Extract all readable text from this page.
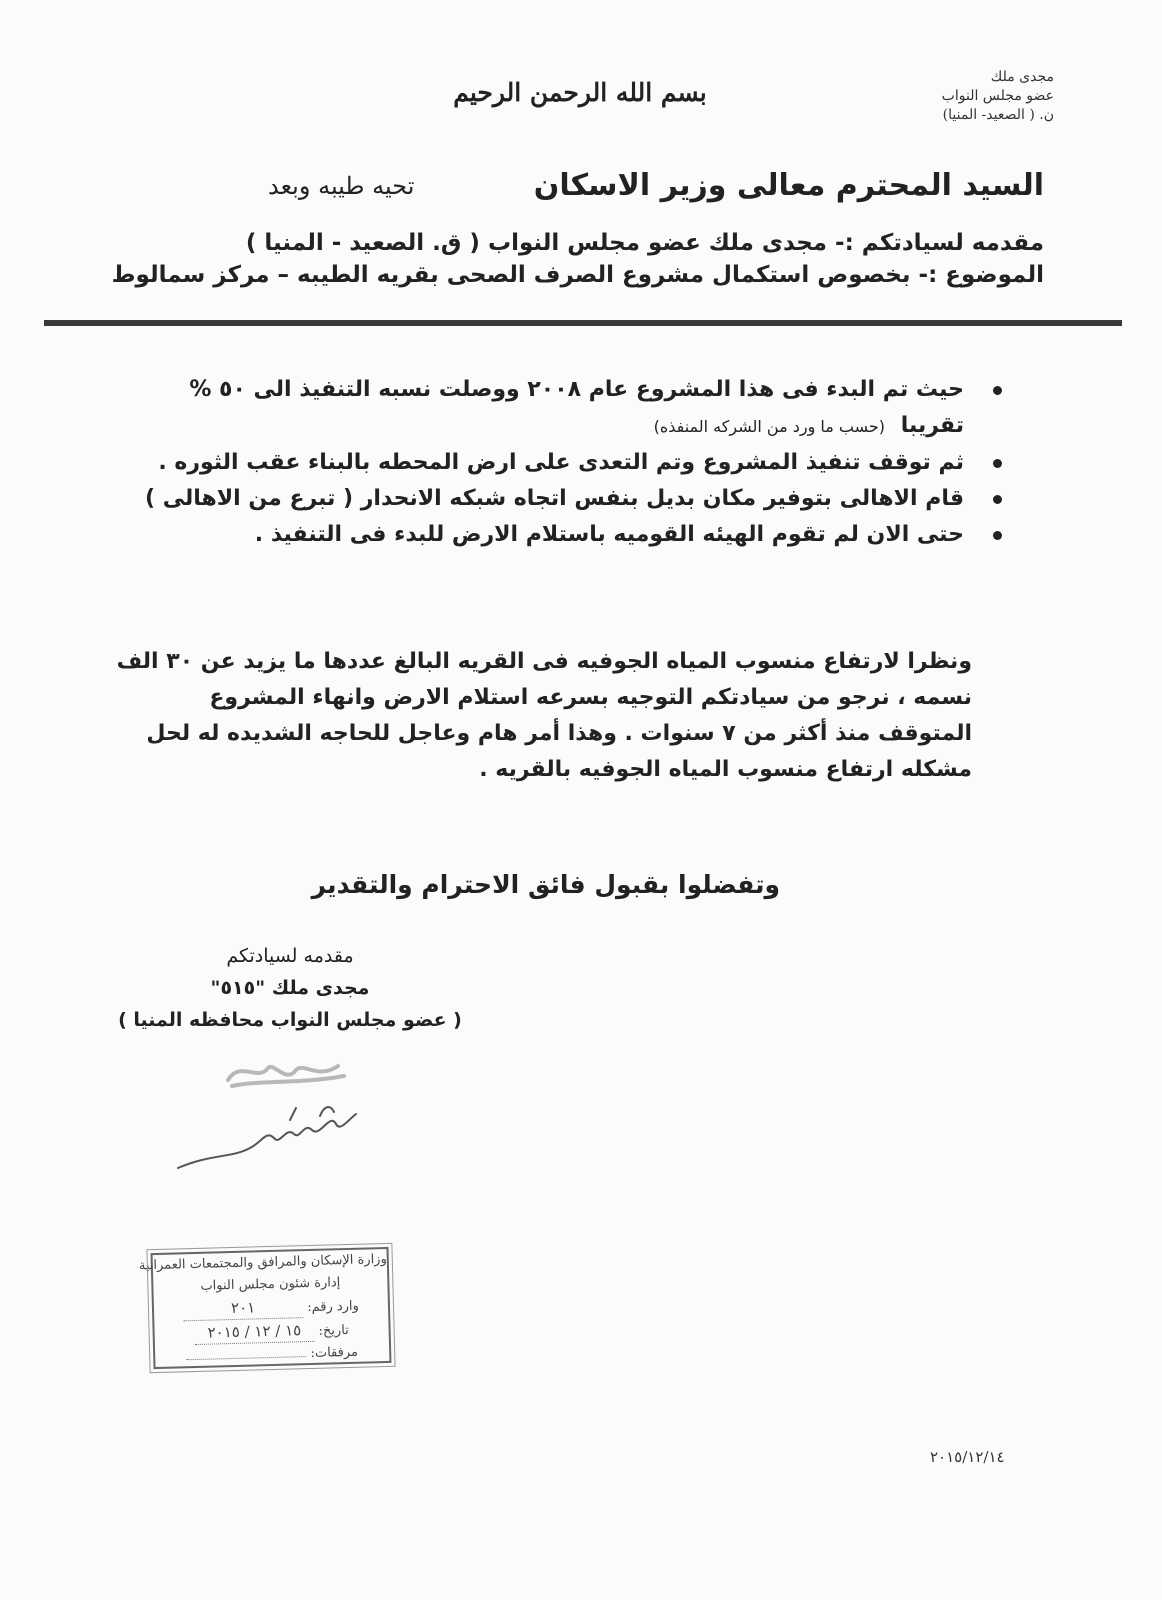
مجدى ملك
عضو مجلس النواب
ن. ( الصعيد- المنيا)
بسم الله الرحمن الرحيم
السيد المحترم معالى وزير الاسكان
تحيه طيبه وبعد
مقدمه لسيادتكم :- مجدى ملك عضو مجلس النواب ( ق. الصعيد - المنيا )
الموضوع :- بخصوص استكمال مشروع الصرف الصحى بقريه الطيبه – مركز سمالوط
حيث تم البدء فى هذا المشروع عام ٢٠٠٨ ووصلت نسبه التنفيذ الى ٥٠ %
تقريبا (حسب ما ورد من الشركه المنفذه)
ثم توقف تنفيذ المشروع وتم التعدى على ارض المحطه بالبناء عقب الثوره .
قام الاهالى بتوفير مكان بديل بنفس اتجاه شبكه الانحدار ( تبرع من الاهالى )
حتى الان لم تقوم الهيئه القوميه باستلام الارض للبدء فى التنفيذ .
ونظرا لارتفاع منسوب المياه الجوفيه فى القريه البالغ عددها ما يزيد عن ٣٠ الف
نسمه ، نرجو من سيادتكم التوجيه بسرعه استلام الارض وانهاء المشروع
المتوقف منذ أكثر من ٧ سنوات . وهذا أمر هام وعاجل للحاجه الشديده له لحل
مشكله ارتفاع منسوب المياه الجوفيه بالقريه .
وتفضلوا بقبول فائق الاحترام والتقدير
مقدمه لسيادتكم
مجدى ملك "٥١٥"
( عضو مجلس النواب محافظه المنيا )
وزارة الإسكان والمرافق والمجتمعات العمرانية
إدارة شئون مجلس النواب
وارد رقم: ٢٠١
تاريخ: ١٥ / ١٢ / ٢٠١٥
مرفقات:
٢٠١٥/١٢/١٤
